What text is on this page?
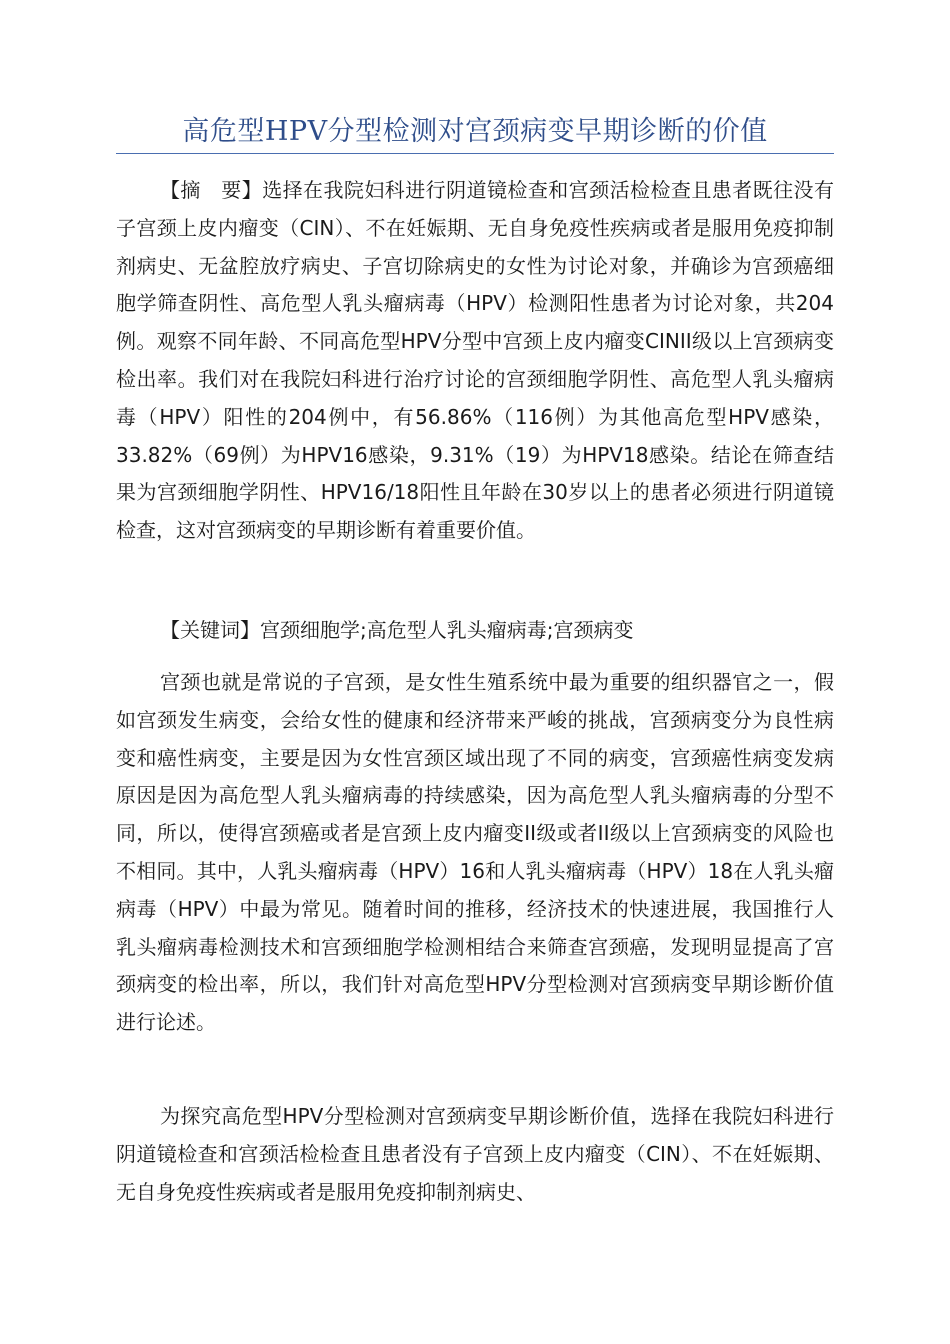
高危型HPV分型检测对宫颈病变早期诊断的价值

【摘　要】选择在我院妇科进行阴道镜检查和宫颈活检检查且患者既往没有子宫颈上皮内瘤变（CIN）、不在妊娠期、无自身免疫性疾病或者是服用免疫抑制剂病史、无盆腔放疗病史、子宫切除病史的女性为讨论对象，并确诊为宫颈癌细胞学筛查阴性、高危型人乳头瘤病毒（HPV）检测阳性患者为讨论对象，共204例。观察不同年龄、不同高危型HPV分型中宫颈上皮内瘤变CINII级以上宫颈病变检出率。我们对在我院妇科进行治疗讨论的宫颈细胞学阴性、高危型人乳头瘤病毒（HPV）阳性的204例中，有56.86%（116例）为其他高危型HPV感染，33.82%（69例）为HPV16感染，9.31%（19）为HPV18感染。结论在筛查结果为宫颈细胞学阴性、HPV16/18阳性且年龄在30岁以上的患者必须进行阴道镜检查，这对宫颈病变的早期诊断有着重要价值。

【关键词】宫颈细胞学;高危型人乳头瘤病毒;宫颈病变

宫颈也就是常说的子宫颈，是女性生殖系统中最为重要的组织器官之一，假如宫颈发生病变，会给女性的健康和经济带来严峻的挑战，宫颈病变分为良性病变和癌性病变，主要是因为女性宫颈区域出现了不同的病变，宫颈癌性病变发病原因是因为高危型人乳头瘤病毒的持续感染，因为高危型人乳头瘤病毒的分型不同，所以，使得宫颈癌或者是宫颈上皮内瘤变II级或者II级以上宫颈病变的风险也不相同。其中，人乳头瘤病毒（HPV）16和人乳头瘤病毒（HPV）18在人乳头瘤病毒（HPV）中最为常见。随着时间的推移，经济技术的快速进展，我国推行人乳头瘤病毒检测技术和宫颈细胞学检测相结合来筛查宫颈癌，发现明显提高了宫颈病变的检出率，所以，我们针对高危型HPV分型检测对宫颈病变早期诊断价值进行论述。

为探究高危型HPV分型检测对宫颈病变早期诊断价值，选择在我院妇科进行阴道镜检查和宫颈活检检查且患者没有子宫颈上皮内瘤变（CIN）、不在妊娠期、无自身免疫性疾病或者是服用免疫抑制剂病史、
